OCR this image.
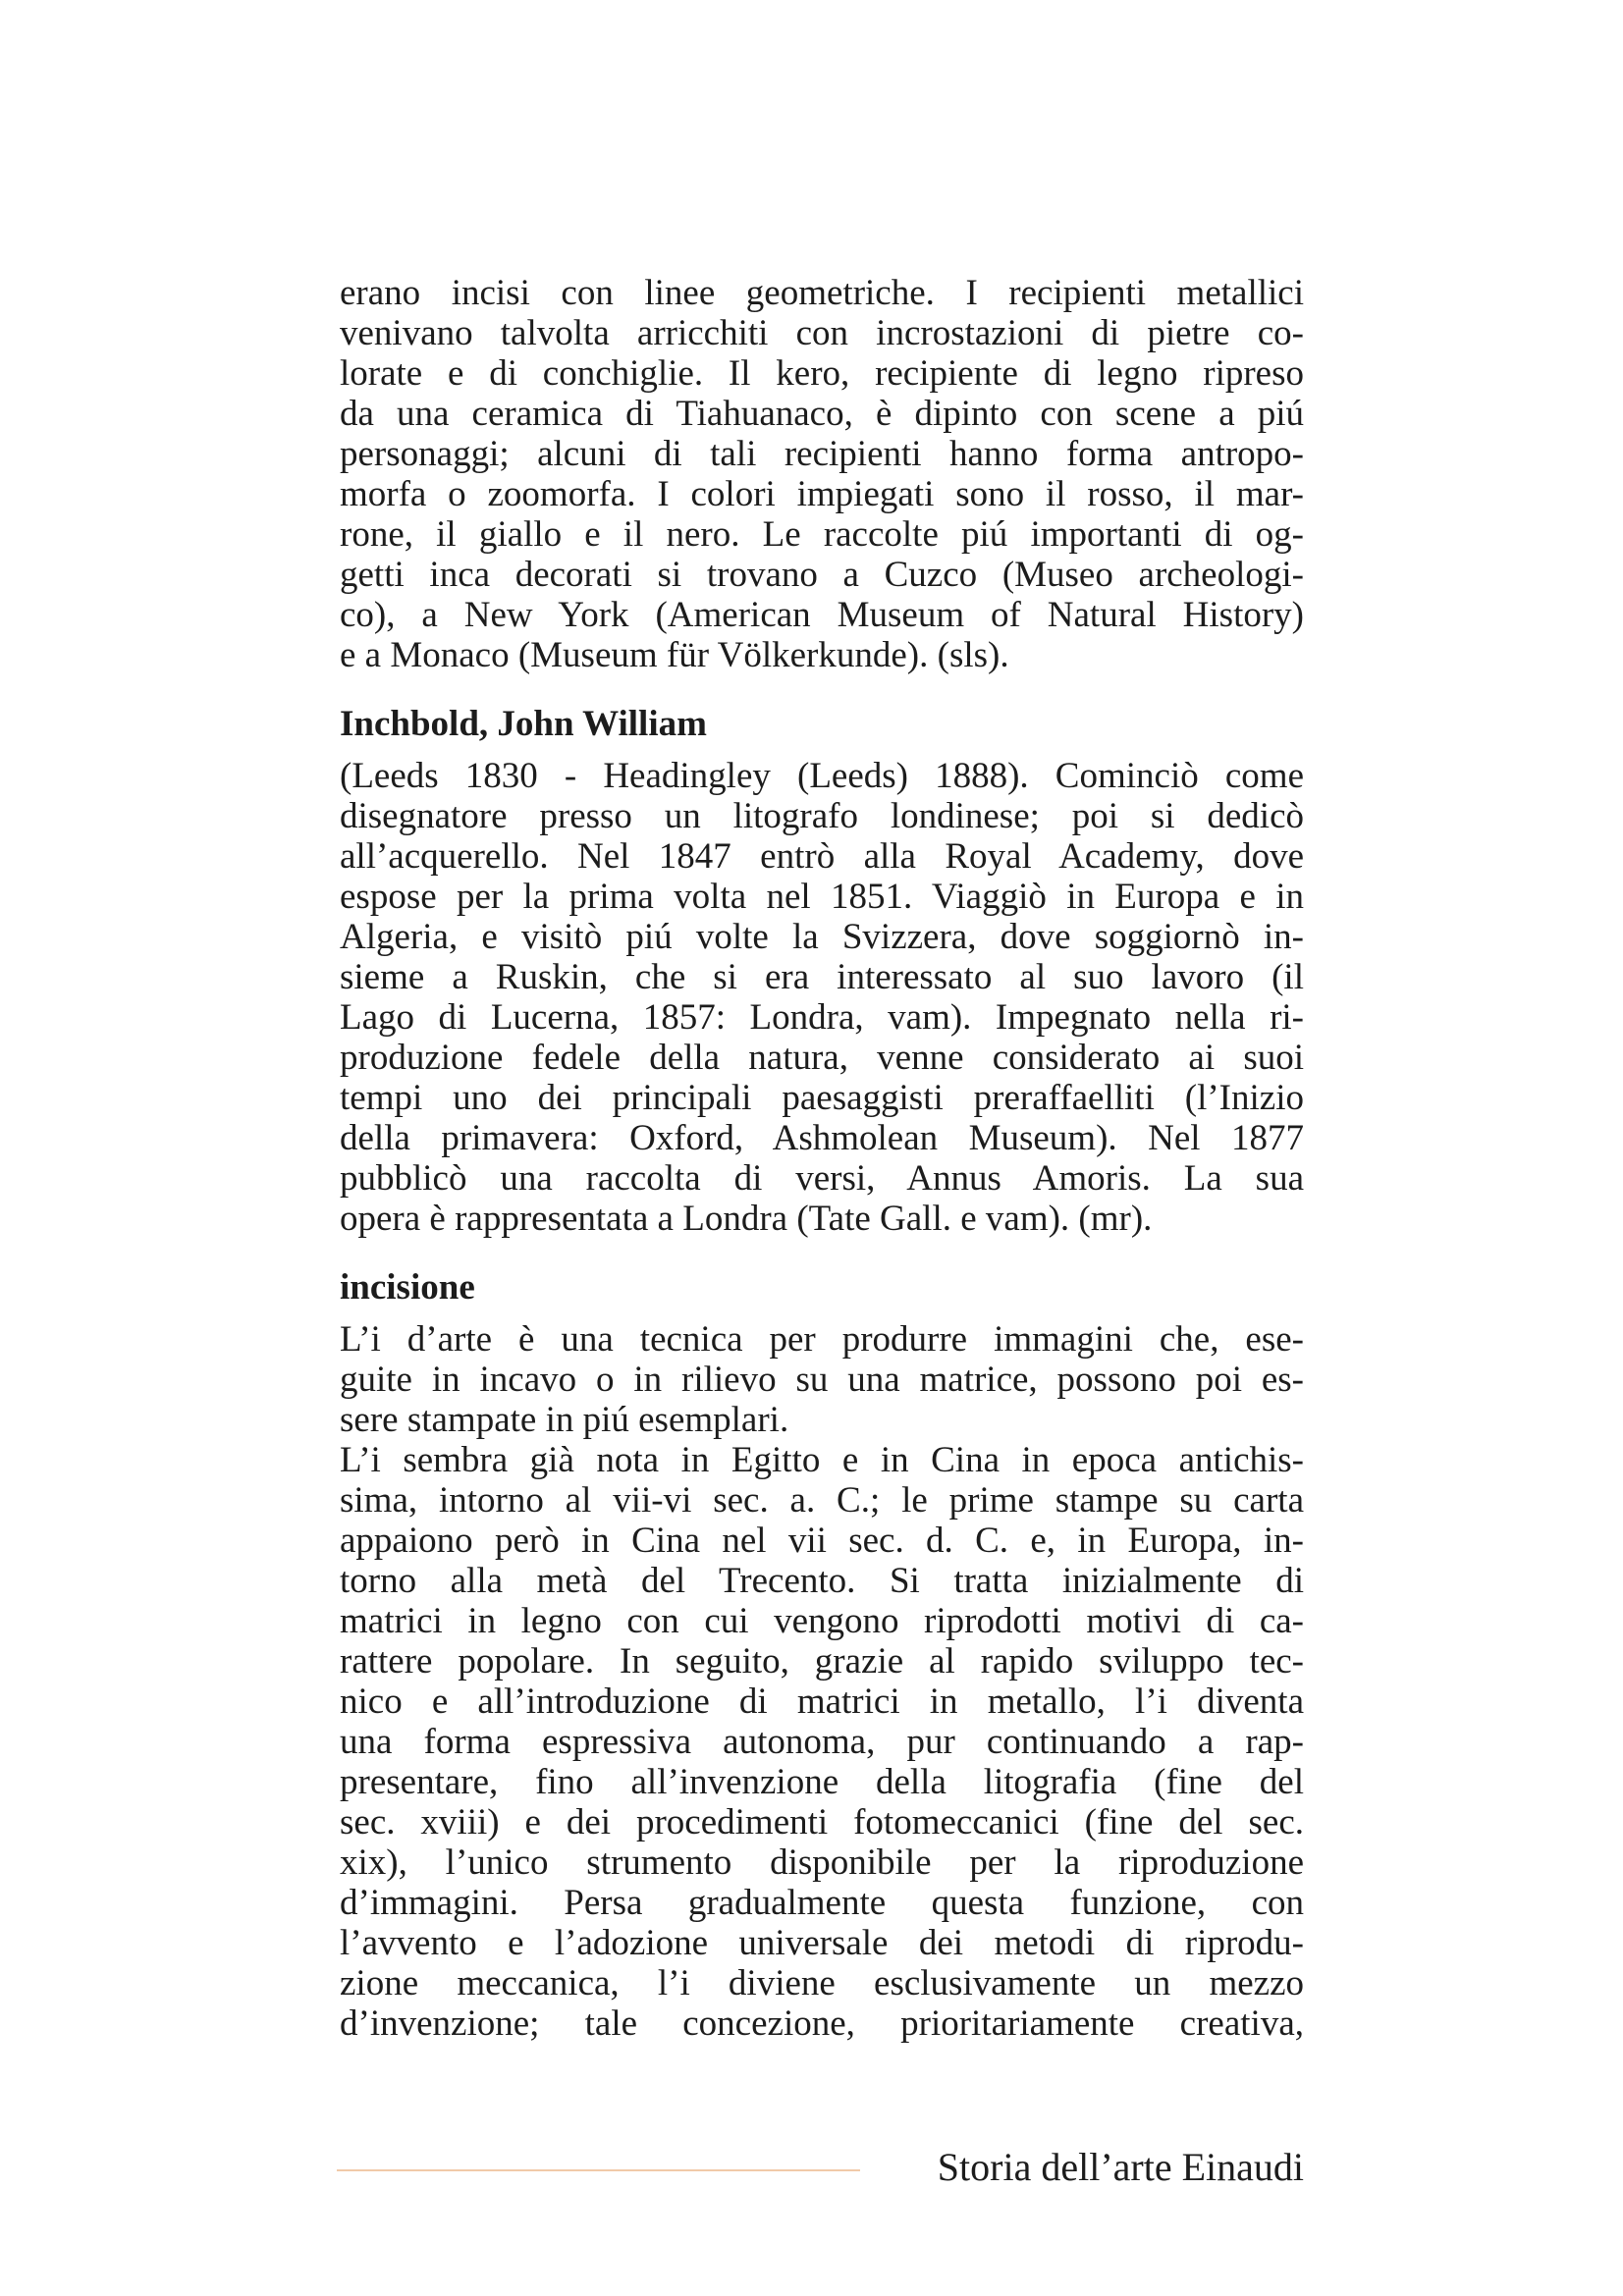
erano incisi con linee geometriche. I recipienti metallici
venivano talvolta arricchiti con incrostazioni di pietre co-
lorate e di conchiglie. Il kero, recipiente di legno ripreso
da una ceramica di Tiahuanaco, è dipinto con scene a piú
personaggi; alcuni di tali recipienti hanno forma antropo-
morfa o zoomorfa. I colori impiegati sono il rosso, il mar-
rone, il giallo e il nero. Le raccolte piú importanti di og-
getti inca decorati si trovano a Cuzco (Museo archeologi-
co), a New York (American Museum of Natural History)
e a Monaco (Museum für Völkerkunde). (sls).
Inchbold, John William
(Leeds 1830 - Headingley (Leeds) 1888). Cominciò come
disegnatore presso un litografo londinese; poi si dedicò
all’acquerello. Nel 1847 entrò alla Royal Academy, dove
espose per la prima volta nel 1851. Viaggiò in Europa e in
Algeria, e visitò piú volte la Svizzera, dove soggiornò in-
sieme a Ruskin, che si era interessato al suo lavoro (il
Lago di Lucerna, 1857: Londra, vam). Impegnato nella ri-
produzione fedele della natura, venne considerato ai suoi
tempi uno dei principali paesaggisti preraffaelliti (l’Inizio
della primavera: Oxford, Ashmolean Museum). Nel 1877
pubblicò una raccolta di versi, Annus Amoris. La sua
opera è rappresentata a Londra (Tate Gall. e vam). (mr).
incisione
L’i d’arte è una tecnica per produrre immagini che, ese-
guite in incavo o in rilievo su una matrice, possono poi es-
sere stampate in piú esemplari.
L’i sembra già nota in Egitto e in Cina in epoca antichis-
sima, intorno al vii-vi sec. a. C.; le prime stampe su carta
appaiono però in Cina nel vii sec. d. C. e, in Europa, in-
torno alla metà del Trecento. Si tratta inizialmente di
matrici in legno con cui vengono riprodotti motivi di ca-
rattere popolare. In seguito, grazie al rapido sviluppo tec-
nico e all’introduzione di matrici in metallo, l’i diventa
una forma espressiva autonoma, pur continuando a rap-
presentare, fino all’invenzione della litografia (fine del
sec. xviii) e dei procedimenti fotomeccanici (fine del sec.
xix), l’unico strumento disponibile per la riproduzione
d’immagini. Persa gradualmente questa funzione, con
l’avvento e l’adozione universale dei metodi di riprodu-
zione meccanica, l’i diviene esclusivamente un mezzo
d’invenzione; tale concezione, prioritariamente creativa,
Storia dell’arte Einaudi
